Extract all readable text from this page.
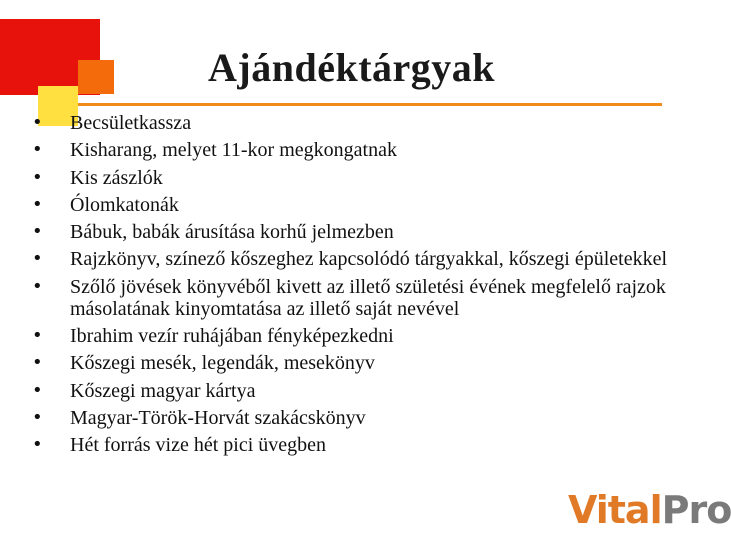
Ajándéktárgyak
• Becsületkassza
• Kisharang, melyet 11-kor megkongatnak
• Kis zászlók
• Ólomkatonák
• Bábuk, babák árusítása korhű jelmezben
• Rajzkönyv, színező kőszeghez kapcsolódó tárgyakkal, kőszegi épületekkel
• Szőlő jövések könyvéből kivett az illető születési évének megfelelő rajzok másolatának kinyomtatása az illető saját nevével
• Ibrahim vezír ruhájában fényképezkedni
• Kőszegi mesék, legendák, mesekönyv
• Kőszegi magyar kártya
• Magyar-Török-Horvát szakácskönyv
• Hét forrás vize hét pici üvegben
VitalPro
